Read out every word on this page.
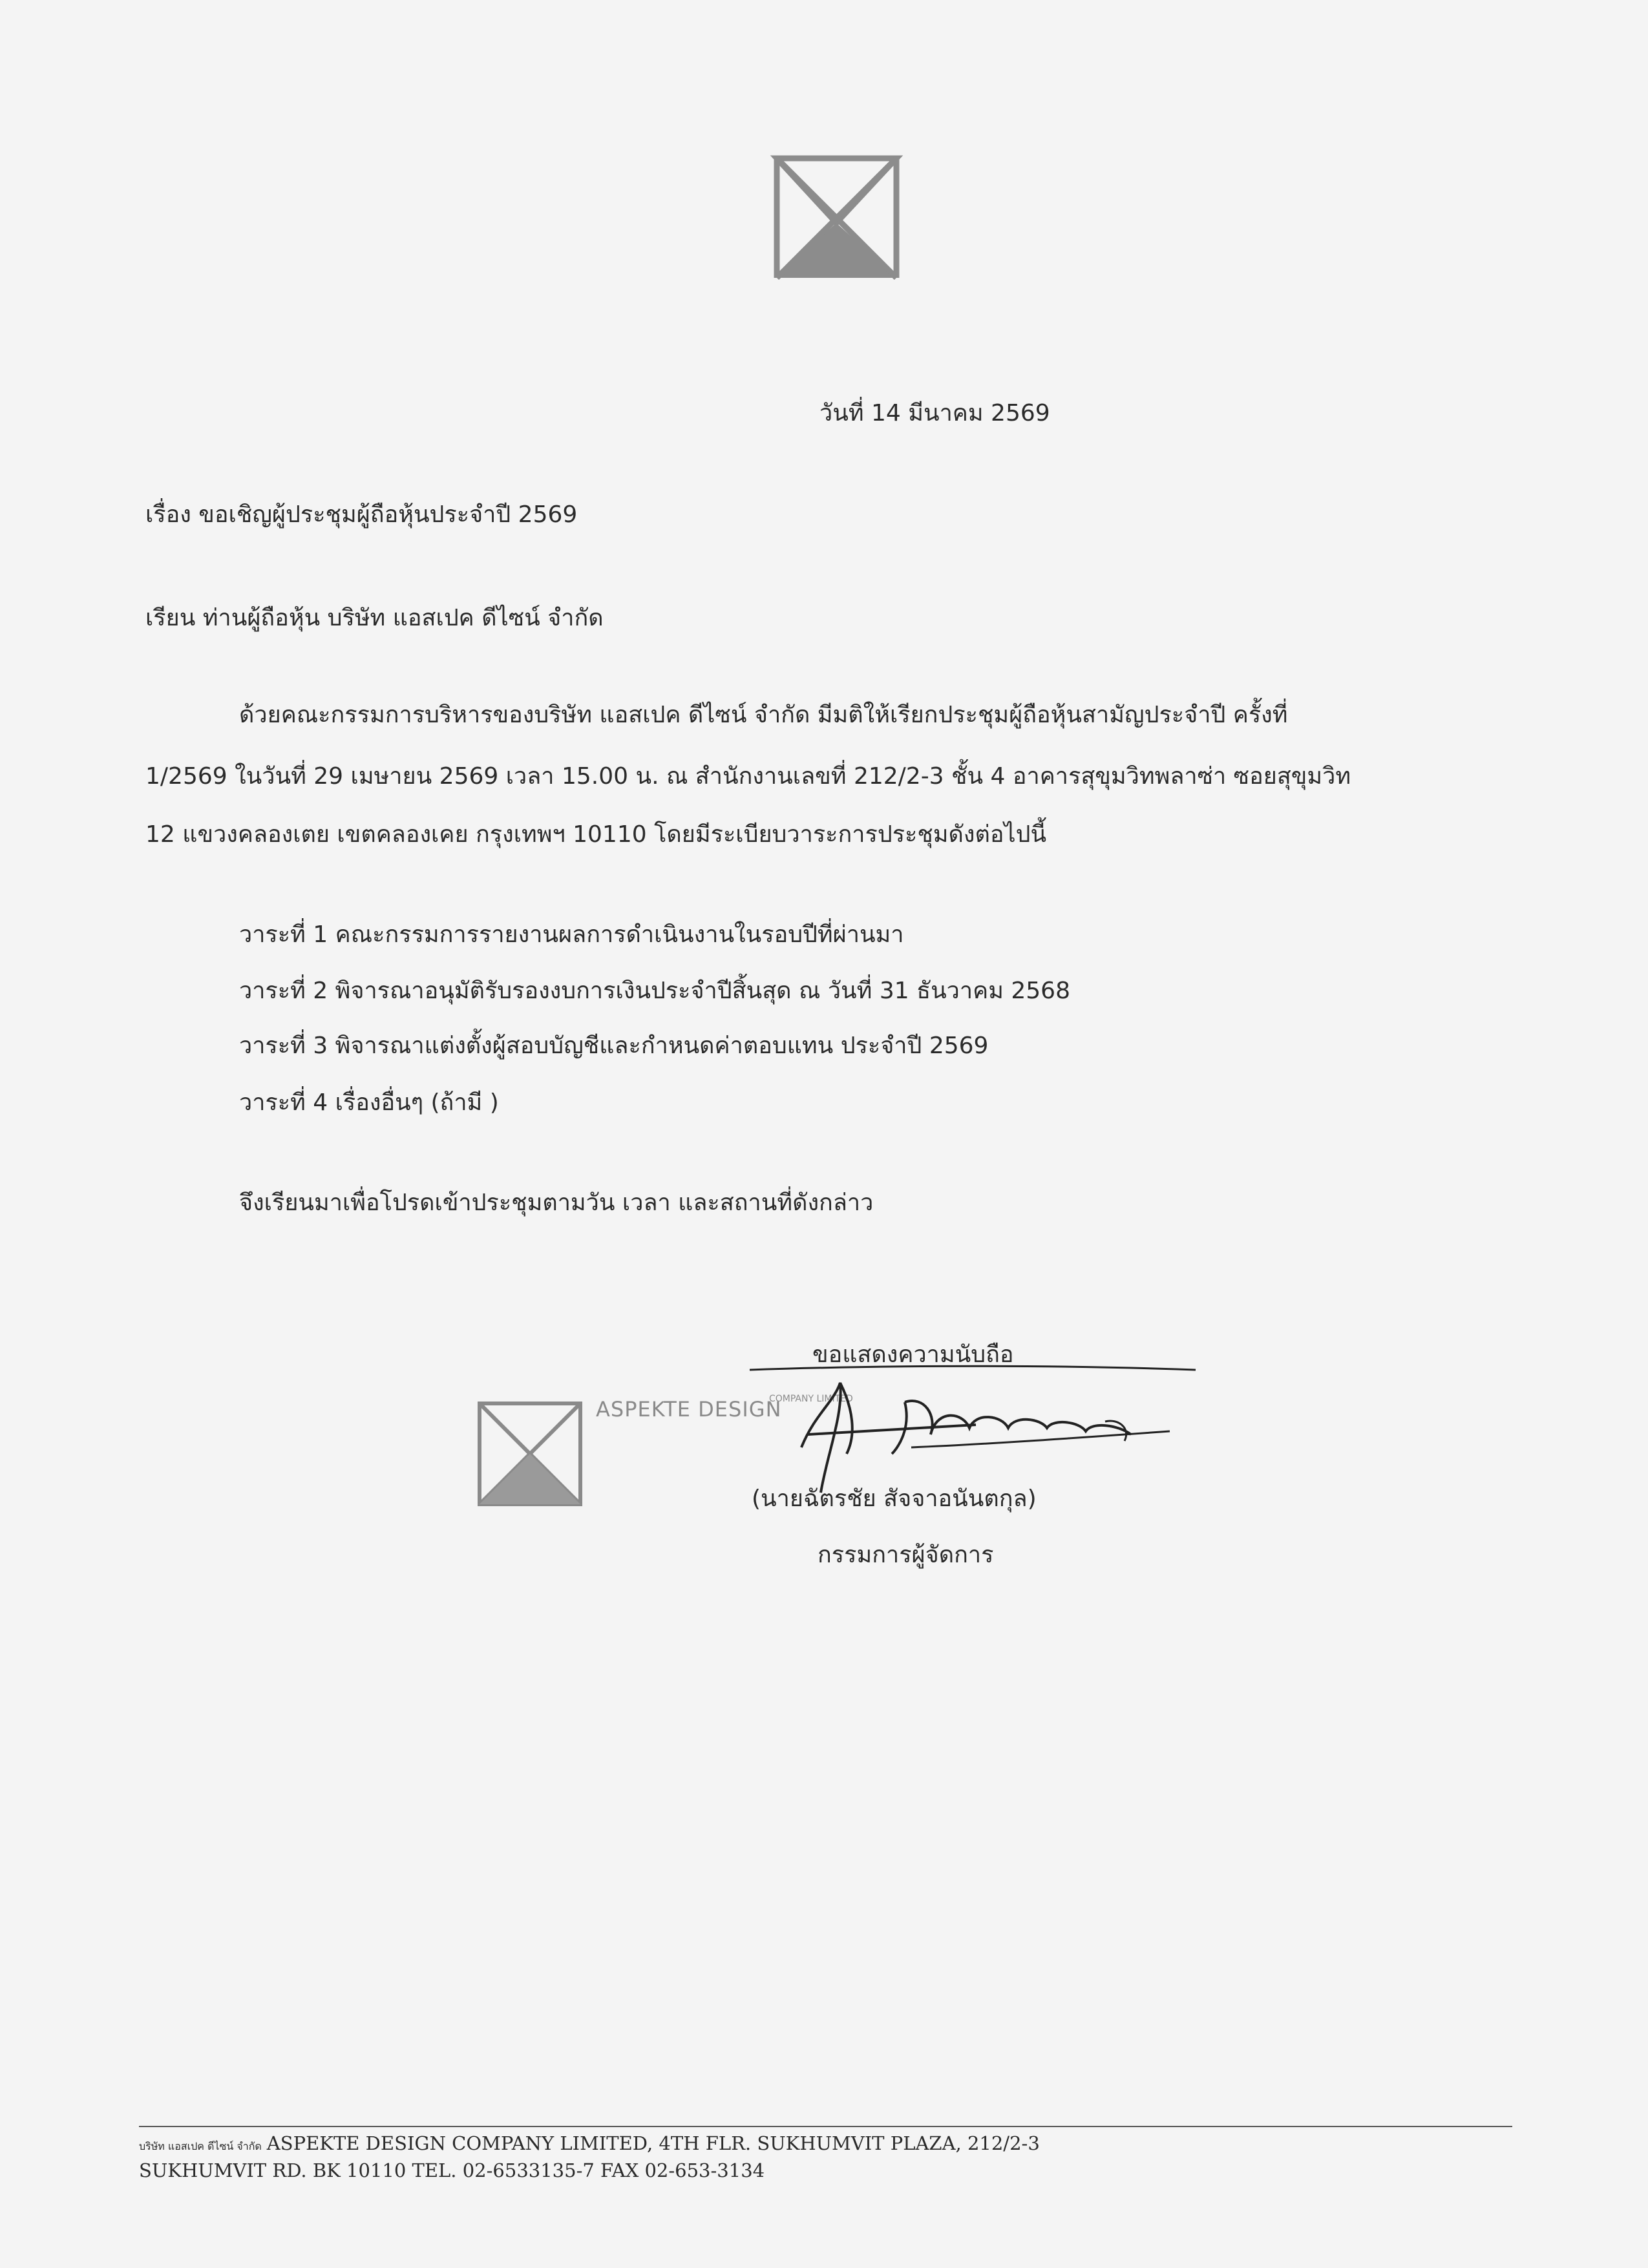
วันที่ 14 มีนาคม 2569
เรื่อง ขอเชิญผู้ประชุมผู้ถือหุ้นประจำปี 2569
เรียน ท่านผู้ถือหุ้น บริษัท แอสเปค ดีไซน์ จำกัด
ด้วยคณะกรรมการบริหารของบริษัท แอสเปค ดีไซน์ จำกัด มีมติให้เรียกประชุมผู้ถือหุ้นสามัญประจำปี ครั้งที่
1/2569 ในวันที่ 29 เมษายน 2569 เวลา 15.00 น. ณ สำนักงานเลขที่ 212/2-3 ชั้น 4 อาคารสุขุมวิทพลาซ่า ซอยสุขุมวิท
12 แขวงคลองเตย เขตคลองเคย กรุงเทพฯ 10110 โดยมีระเบียบวาระการประชุมดังต่อไปนี้
วาระที่ 1 คณะกรรมการรายงานผลการดำเนินงานในรอบปีที่ผ่านมา
วาระที่ 2 พิจารณาอนุมัติรับรองงบการเงินประจำปีสิ้นสุด ณ วันที่ 31 ธันวาคม 2568
วาระที่ 3 พิจารณาแต่งตั้งผู้สอบบัญชีและกำหนดค่าตอบแทน ประจำปี 2569
วาระที่ 4 เรื่องอื่นๆ (ถ้ามี )
จึงเรียนมาเพื่อโปรดเข้าประชุมตามวัน เวลา และสถานที่ดังกล่าว
ขอแสดงความนับถือ
ASPEKTE DESIGN
COMPANY LIMITED
(นายฉัตรชัย สัจจาอนันตกุล)
กรรมการผู้จัดการ
บริษัท แอสเปค ดีไซน์ จำกัด ASPEKTE DESIGN COMPANY LIMITED, 4TH FLR. SUKHUMVIT PLAZA, 212/2-3
SUKHUMVIT RD. BK 10110 TEL. 02-6533135-7 FAX 02-653-3134
